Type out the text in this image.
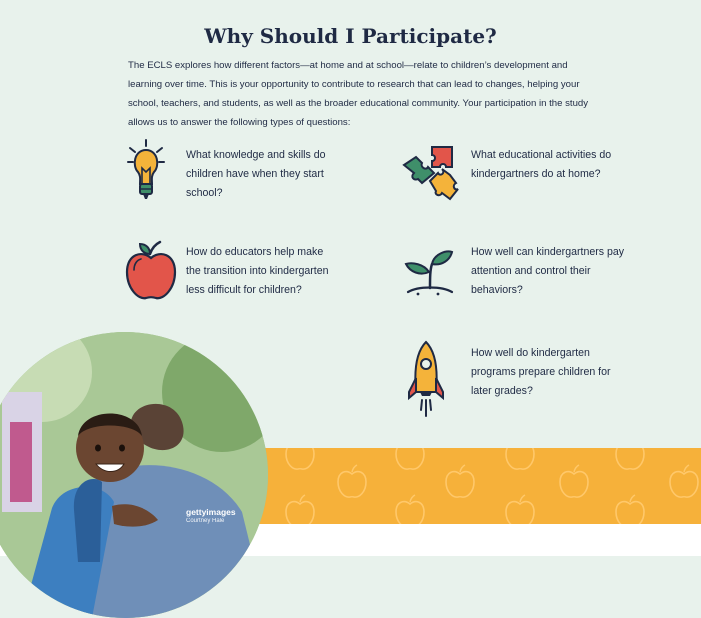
Why Should I Participate?
The ECLS explores how different factors—at home and at school—relate to children’s development and learning over time. This is your opportunity to contribute to research that can lead to changes, helping your school, teachers, and students, as well as the broader educational community. Your participation in the study allows us to answer the following types of questions:
What knowledge and skills do children have when they start school?
What educational activities do kindergartners do at home?
How do educators help make the transition into kindergarten less difficult for children?
How well can kindergartners pay attention and control their behaviors?
How well do kindergarten programs prepare children for later grades?
gettyimages
Courtney Hale
